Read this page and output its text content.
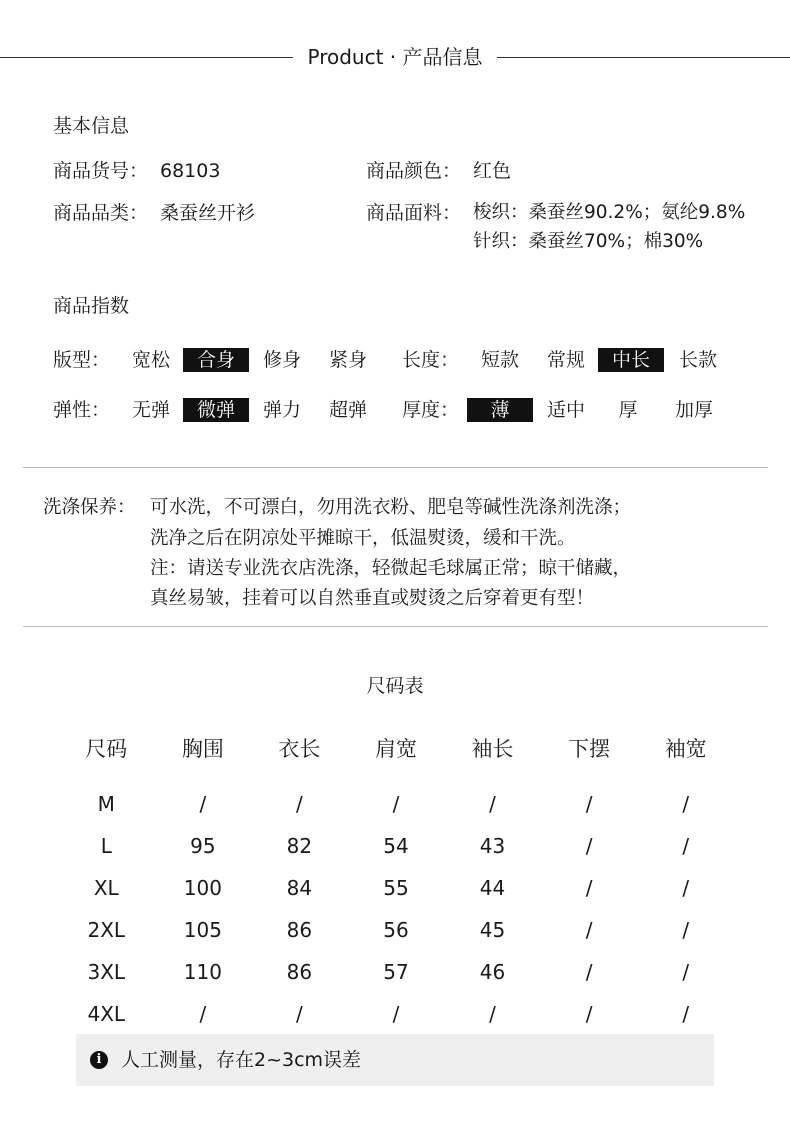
Product · 产品信息
基本信息
商品货号： 68103	商品颜色： 红色
商品品类： 桑蚕丝开衫	商品面料： 梭织：桑蚕丝90.2%；氨纶9.8%
针织：桑蚕丝70%；棉30%
商品指数
版型：	宽松	合身	修身	紧身	长度：	短款	常规	中长	长款
弹性：	无弹	微弹	弹力	超弹	厚度：	薄	适中	厚	加厚
洗涤保养： 可水洗，不可漂白，勿用洗衣粉、肥皂等碱性洗涤剂洗涤；
洗净之后在阴凉处平摊晾干，低温熨烫，缓和干洗。
注：请送专业洗衣店洗涤，轻微起毛球属正常；晾干储藏，
真丝易皱，挂着可以自然垂直或熨烫之后穿着更有型！
尺码表
尺码	胸围	衣长	肩宽	袖长	下摆	袖宽

M	/	/	/	/	/	/
L	95	82	54	43	/	/
XL	100	84	55	44	/	/
2XL	105	86	56	45	/	/
3XL	110	86	57	46	/	/
4XL	/	/	/	/	/	/
i	人工测量，存在2~3cm误差
